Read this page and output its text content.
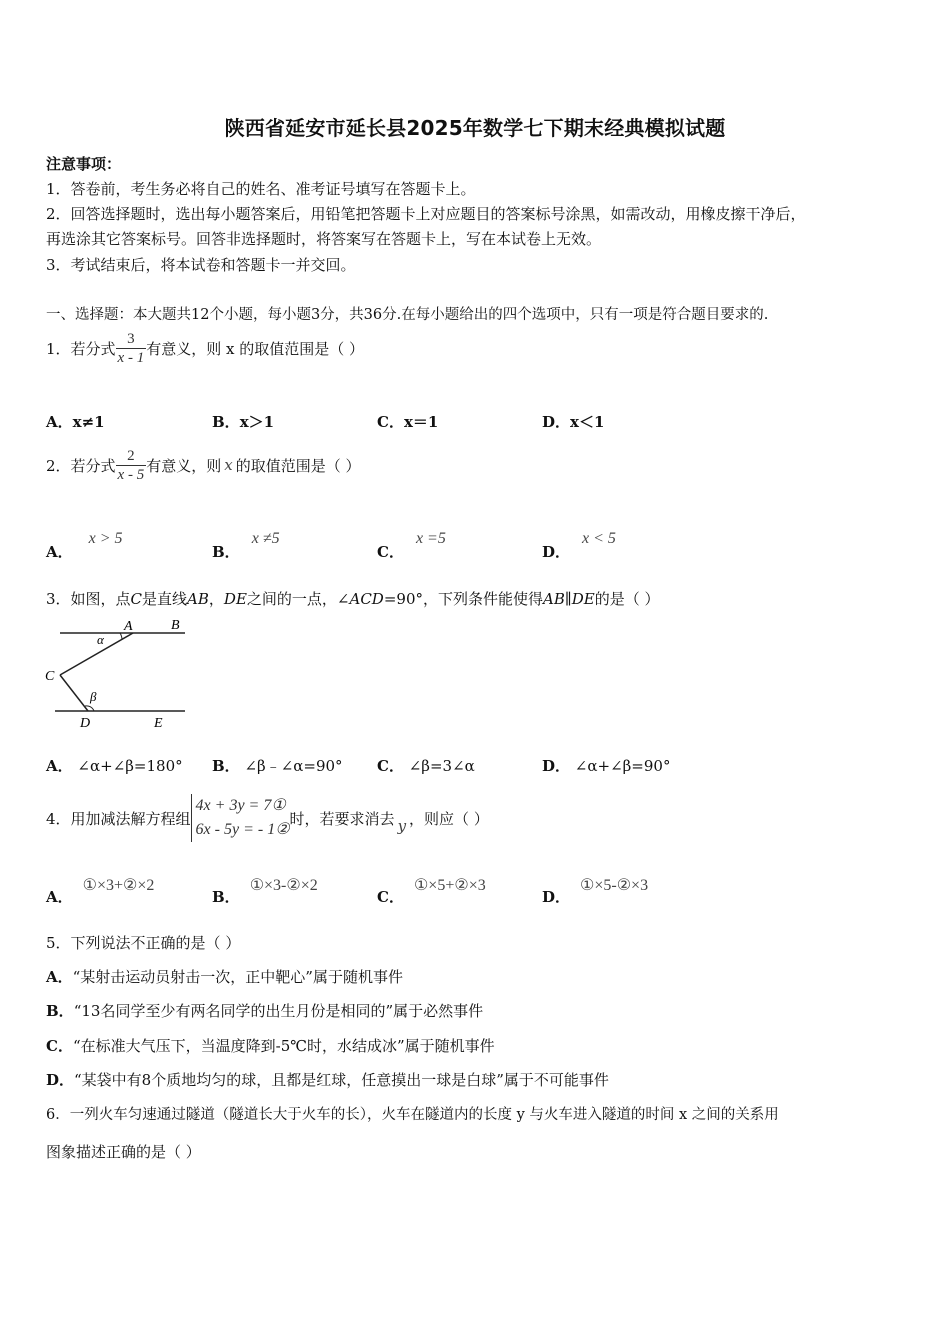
陕西省延安市延长县2025年数学七下期末经典模拟试题
注意事项：
1．答卷前，考生务必将自己的姓名、准考证号填写在答题卡上。
2．回答选择题时，选出每小题答案后，用铅笔把答题卡上对应题目的答案标号涂黑，如需改动，用橡皮擦干净后，
再选涂其它答案标号。回答非选择题时，将答案写在答题卡上，写在本试卷上无效。
3．考试结束后，将本试卷和答题卡一并交回。
一、选择题：本大题共12个小题，每小题3分，共36分.在每小题给出的四个选项中，只有一项是符合题目要求的.
1．若分式 $\frac{3}{x - 1}$ 有意义，则 x 的取值范围是（ ）
A．x≠1	B．x＞1	C．x＝1	D．x＜1
2．若分式 $\frac{2}{x - 5}$ 有意义，则 x 的取值范围是（ ）
A．x > 5
B．x ≠5
C．x =5
D．x < 5
3．如图，点C是直线AB，DE之间的一点，∠ACD=90°，下列条件能使得AB∥DE的是（ ）
A	B
C
D	E
α
β
A． ∠α+∠β=180° B． ∠β﹣∠α=90° C． ∠β=3∠α	D． ∠α+∠β=90°
4．用加减法解方程组
4x + 3y = 7①
6x - 5y = - 1②
时，若要求消去 y ，则应（ ）
A．①×3+②×2
B．①×3-②×2
C．①×5+②×3
D．①×5-②×3
5．下列说法不正确的是（ ）
A．“某射击运动员射击一次，正中靶心”属于随机事件
B．“13名同学至少有两名同学的出生月份是相同的”属于必然事件
C．“在标准大气压下，当温度降到-5℃时，水结成冰”属于随机事件
D．“某袋中有8个质地均匀的球，且都是红球，任意摸出一球是白球”属于不可能事件
6．一列火车匀速通过隧道（隧道长大于火车的长），火车在隧道内的长度 y 与火车进入隧道的时间 x 之间的关系用
图象描述正确的是（ ）
